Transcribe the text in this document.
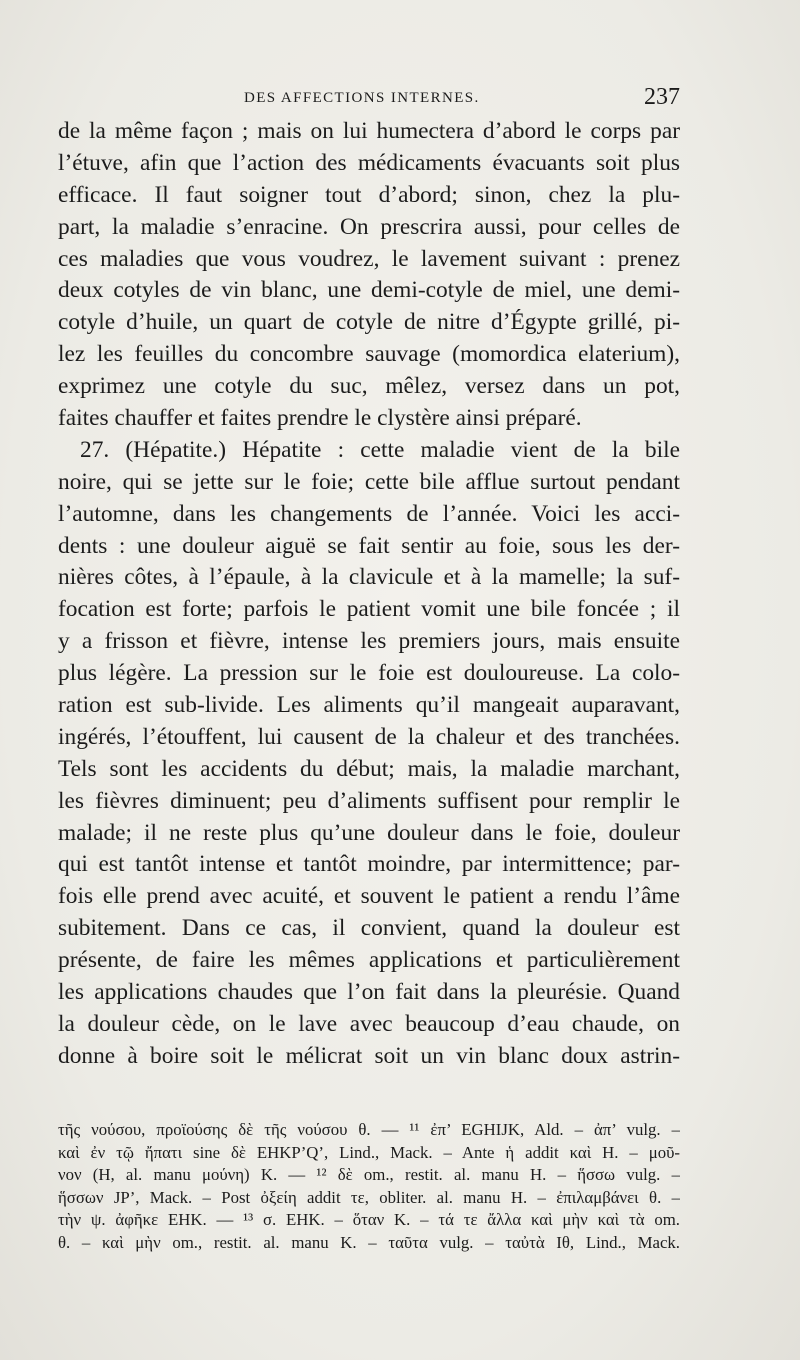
DES AFFECTIONS INTERNES.	237
de la même façon ; mais on lui humectera d’abord le corps par
l’étuve, afin que l’action des médicaments évacuants soit plus
efficace. Il faut soigner tout d’abord; sinon, chez la plu-
part, la maladie s’enracine. On prescrira aussi, pour celles de
ces maladies que vous voudrez, le lavement suivant : prenez
deux cotyles de vin blanc, une demi-cotyle de miel, une demi-
cotyle d’huile, un quart de cotyle de nitre d’Égypte grillé, pi-
lez les feuilles du concombre sauvage (momordica elaterium),
exprimez une cotyle du suc, mêlez, versez dans un pot,
faites chauffer et faites prendre le clystère ainsi préparé.
27. (Hépatite.) Hépatite : cette maladie vient de la bile
noire, qui se jette sur le foie; cette bile afflue surtout pendant
l’automne, dans les changements de l’année. Voici les acci-
dents : une douleur aiguë se fait sentir au foie, sous les der-
nières côtes, à l’épaule, à la clavicule et à la mamelle; la suf-
focation est forte; parfois le patient vomit une bile foncée ; il
y a frisson et fièvre, intense les premiers jours, mais ensuite
plus légère. La pression sur le foie est douloureuse. La colo-
ration est sub-livide. Les aliments qu’il mangeait auparavant,
ingérés, l’étouffent, lui causent de la chaleur et des tranchées.
Tels sont les accidents du début; mais, la maladie marchant,
les fièvres diminuent; peu d’aliments suffisent pour remplir le
malade; il ne reste plus qu’une douleur dans le foie, douleur
qui est tantôt intense et tantôt moindre, par intermittence; par-
fois elle prend avec acuité, et souvent le patient a rendu l’âme
subitement. Dans ce cas, il convient, quand la douleur est
présente, de faire les mêmes applications et particulièrement
les applications chaudes que l’on fait dans la pleurésie. Quand
la douleur cède, on le lave avec beaucoup d’eau chaude, on
donne à boire soit le mélicrat soit un vin blanc doux astrin-
τῆς νούσου, προϊούσης δὲ τῆς νούσου θ. — ¹¹ ἐπ’ EGHIJK, Ald. – ἀπ’ vulg. –
καὶ ἐν τῷ ἤπατι sine δὲ EHKP’Q’, Lind., Mack. – Ante ἡ addit καὶ H. – μοῦ-
νον (H, al. manu μούνη) K. — ¹² δὲ om., restit. al. manu H. – ἥσσω vulg. –
ἥσσων JP’, Mack. – Post ὀξείη addit τε, obliter. al. manu H. – ἐπιλαμβάνει θ. –
τὴν ψ. ἀφῆκε EHK. — ¹³ σ. EHK. – ὅταν K. – τά τε ἄλλα καὶ μὴν καὶ τὰ om.
θ. – καὶ μὴν om., restit. al. manu K. – ταῦτα vulg. – ταὐτὰ Iθ, Lind., Mack.
